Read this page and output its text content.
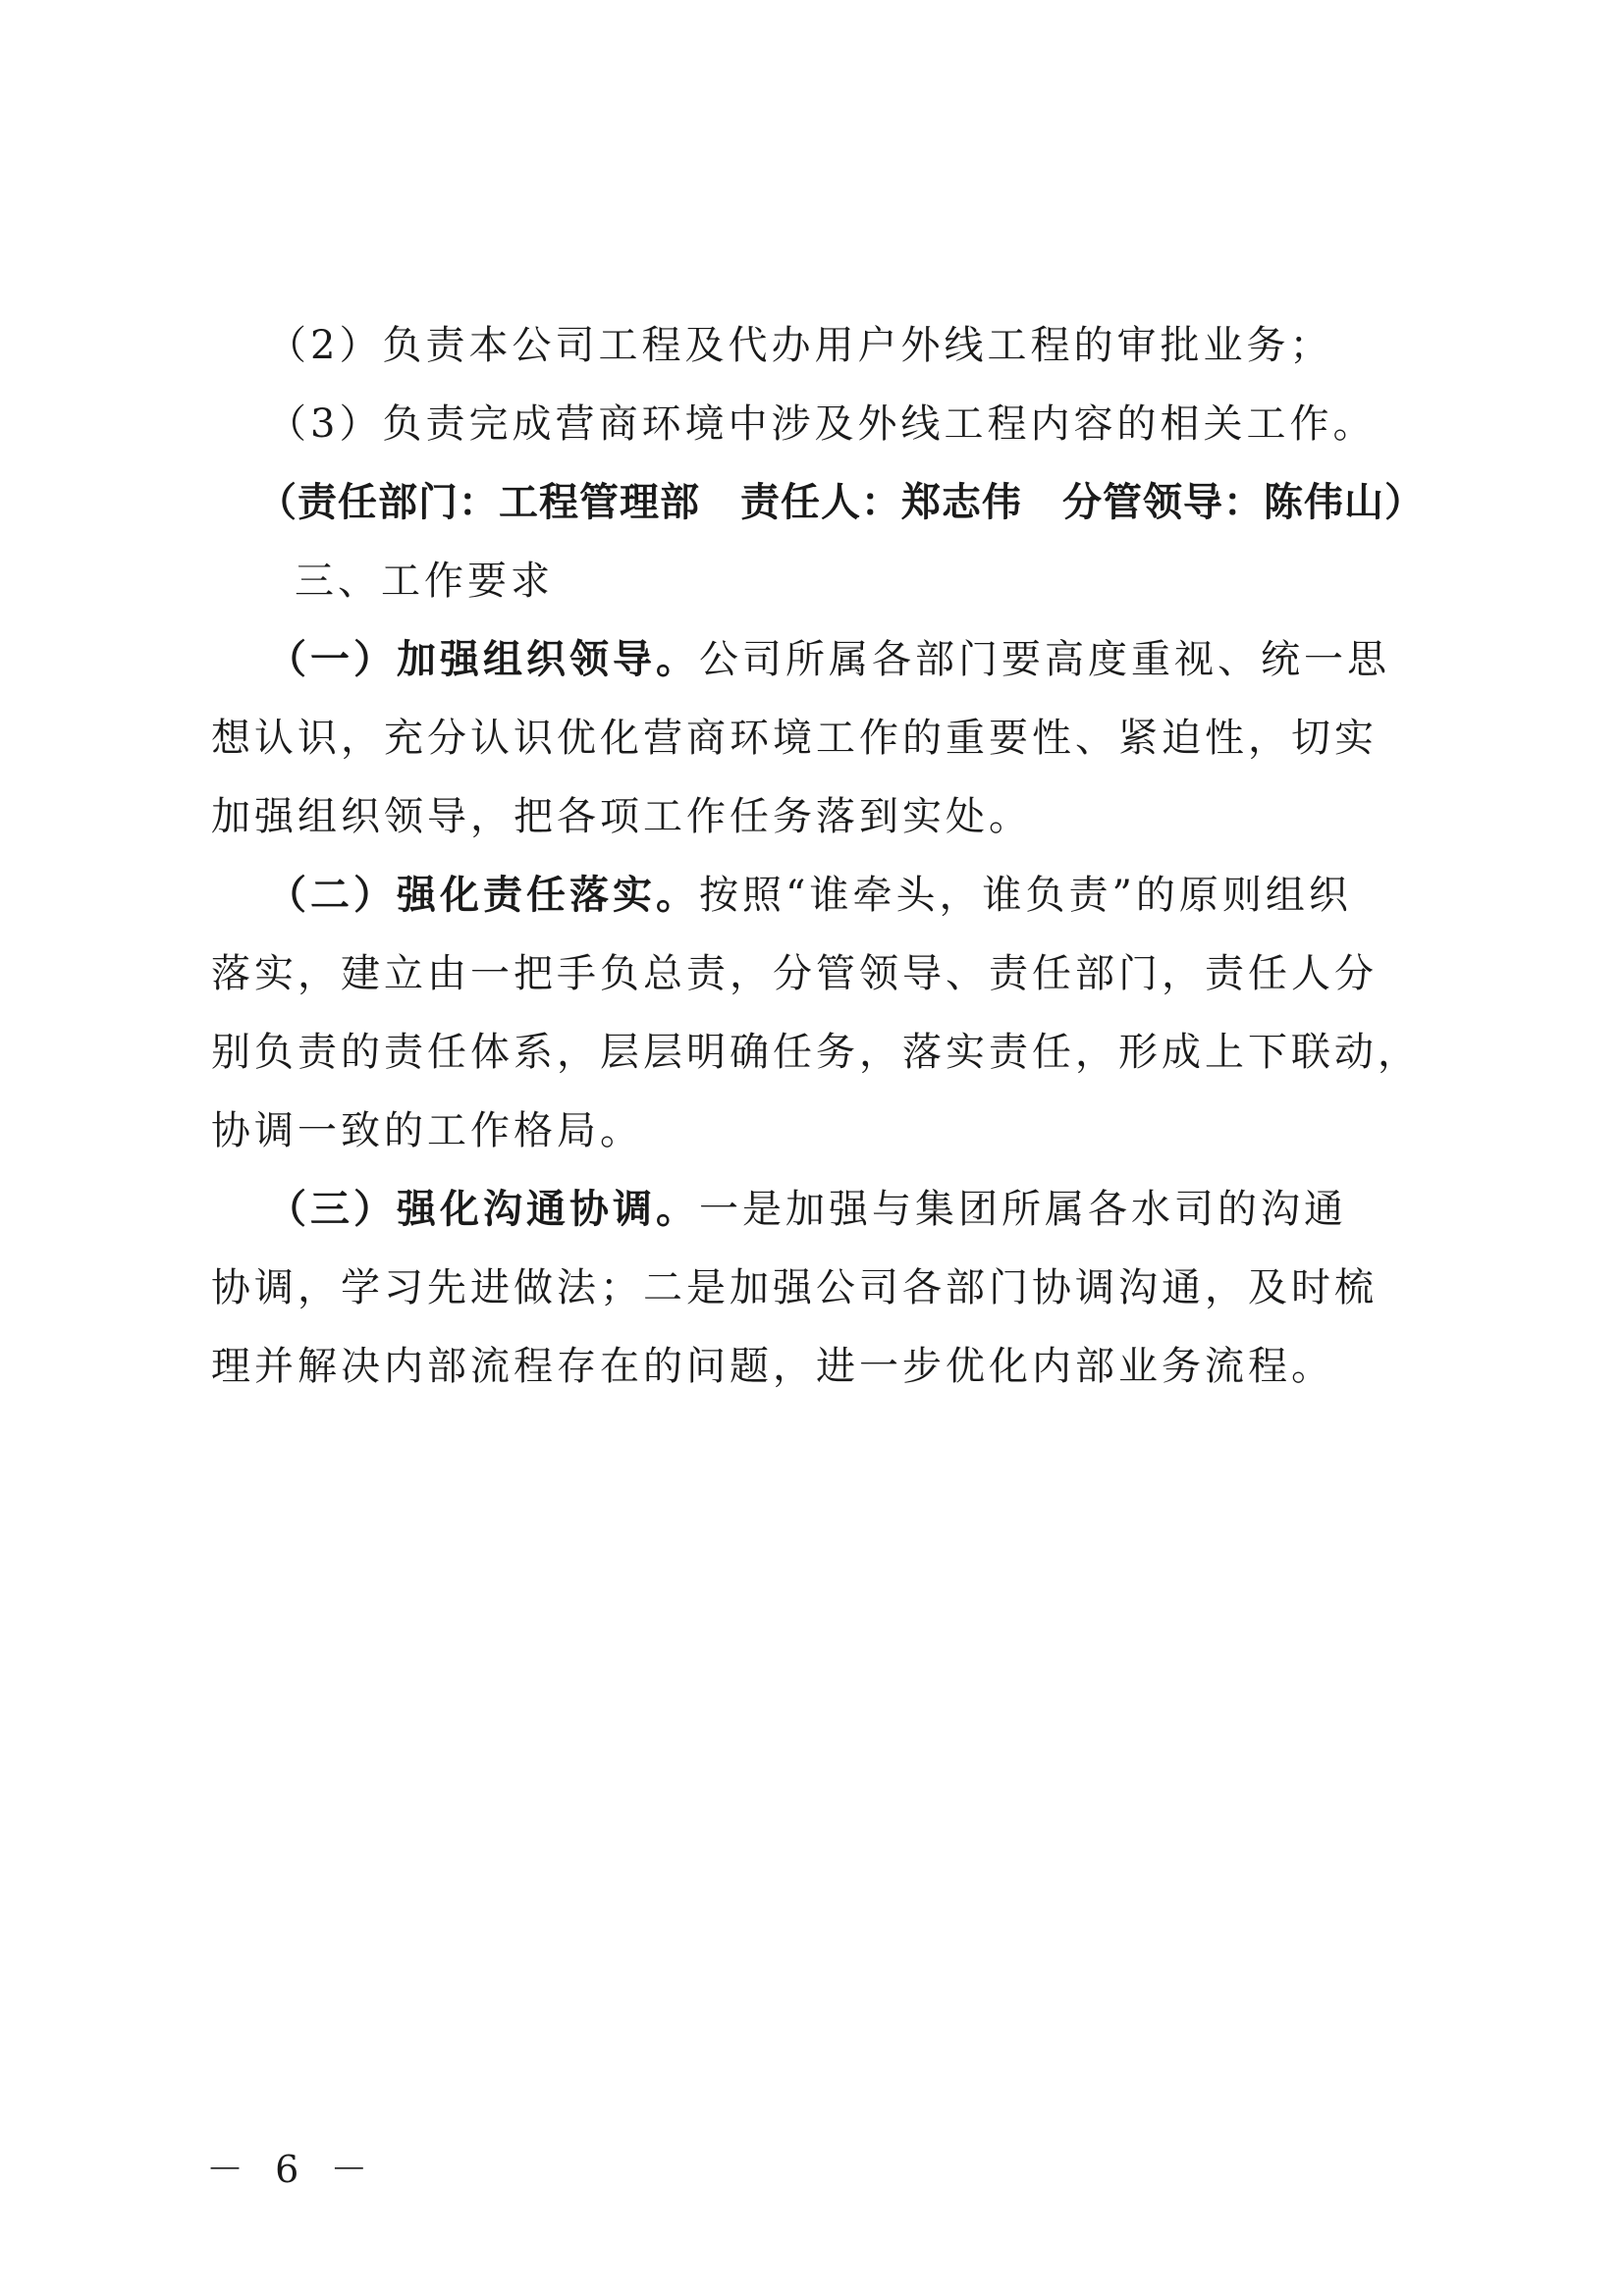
（2）负责本公司工程及代办用户外线工程的审批业务；
（3）负责完成营商环境中涉及外线工程内容的相关工作。
（责任部门：工程管理部　责任人：郑志伟　分管领导：陈伟山）
三、工作要求
（一）加强组织领导。公司所属各部门要高度重视、统一思
想认识，充分认识优化营商环境工作的重要性、紧迫性，切实
加强组织领导，把各项工作任务落到实处。
（二）强化责任落实。按照“谁牵头，谁负责”的原则组织
落实，建立由一把手负总责，分管领导、责任部门，责任人分
别负责的责任体系，层层明确任务，落实责任，形成上下联动，
协调一致的工作格局。
（三）强化沟通协调。一是加强与集团所属各水司的沟通
协调，学习先进做法；二是加强公司各部门协调沟通，及时梳
理并解决内部流程存在的问题，进一步优化内部业务流程。
－ 6 －
